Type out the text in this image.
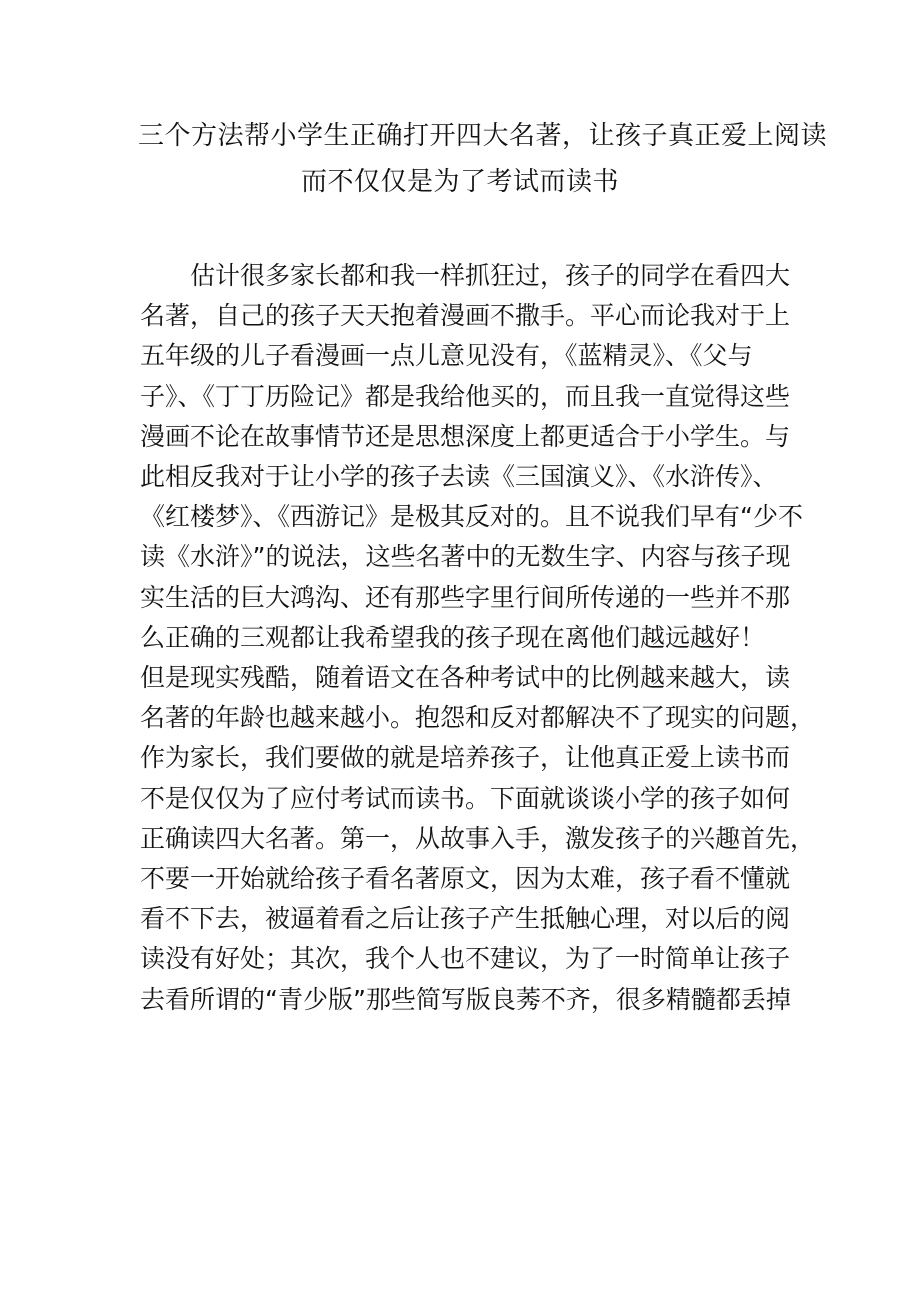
三个方法帮小学生正确打开四大名著，让孩子真正爱上阅读
而不仅仅是为了考试而读书
估计很多家长都和我一样抓狂过，孩子的同学在看四大
名著，自己的孩子天天抱着漫画不撒手。平心而论我对于上
五年级的儿子看漫画一点儿意见没有，《蓝精灵》、《父与
子》、《丁丁历险记》都是我给他买的，而且我一直觉得这些
漫画不论在故事情节还是思想深度上都更适合于小学生。与
此相反我对于让小学的孩子去读《三国演义》、《水浒传》、
《红楼梦》、《西游记》是极其反对的。且不说我们早有“少不
读《水浒》”的说法，这些名著中的无数生字、内容与孩子现
实生活的巨大鸿沟、还有那些字里行间所传递的一些并不那
么正确的三观都让我希望我的孩子现在离他们越远越好！
但是现实残酷，随着语文在各种考试中的比例越来越大，读
名著的年龄也越来越小。抱怨和反对都解决不了现实的问题，
作为家长，我们要做的就是培养孩子，让他真正爱上读书而
不是仅仅为了应付考试而读书。下面就谈谈小学的孩子如何
正确读四大名著。第一，从故事入手，激发孩子的兴趣首先，
不要一开始就给孩子看名著原文，因为太难，孩子看不懂就
看不下去，被逼着看之后让孩子产生抵触心理，对以后的阅
读没有好处；其次，我个人也不建议，为了一时简单让孩子
去看所谓的“青少版”那些简写版良莠不齐，很多精髓都丢掉
